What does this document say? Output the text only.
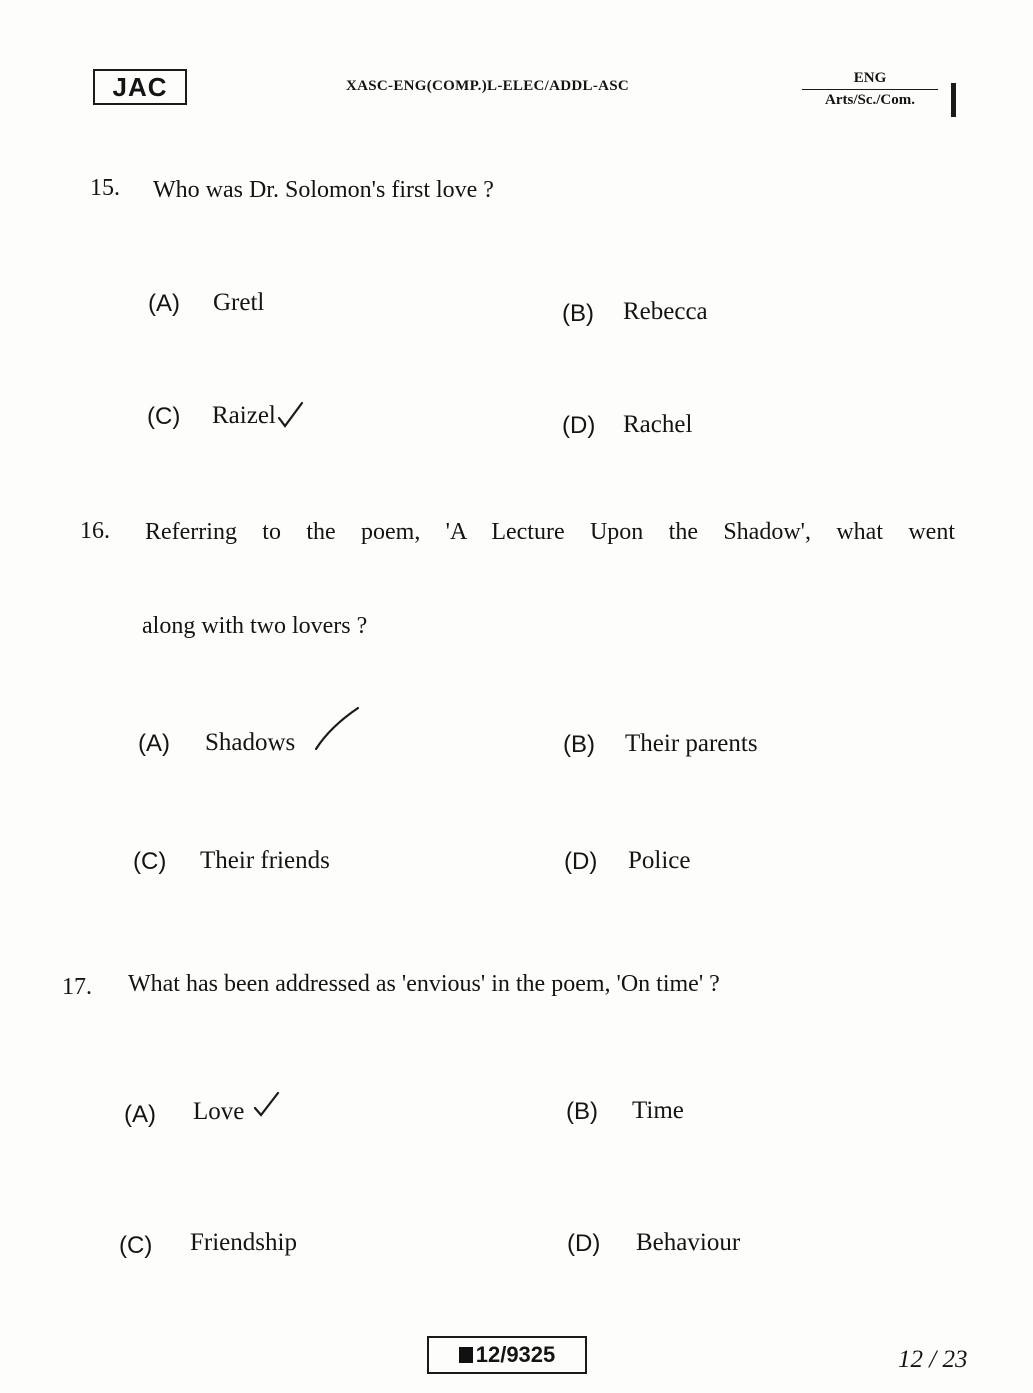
JAC	XASC-ENG(COMP.)L-ELEC/ADDL-ASC	ENG
Arts/Sc./Com.
15. Who was Dr. Solomon's first love ?
(A) Gretl	(B) Rebecca
(C) Raizel	(D) Rachel
16. Referring to the poem, 'A Lecture Upon the Shadow', what went
along with two lovers ?
(A) Shadows	(B) Their parents
(C) Their friends	(D) Police
17. What has been addressed as 'envious' in the poem, 'On time' ?
(A) Love	(B) Time
(C) Friendship	(D) Behaviour
12/9325	12 / 23
